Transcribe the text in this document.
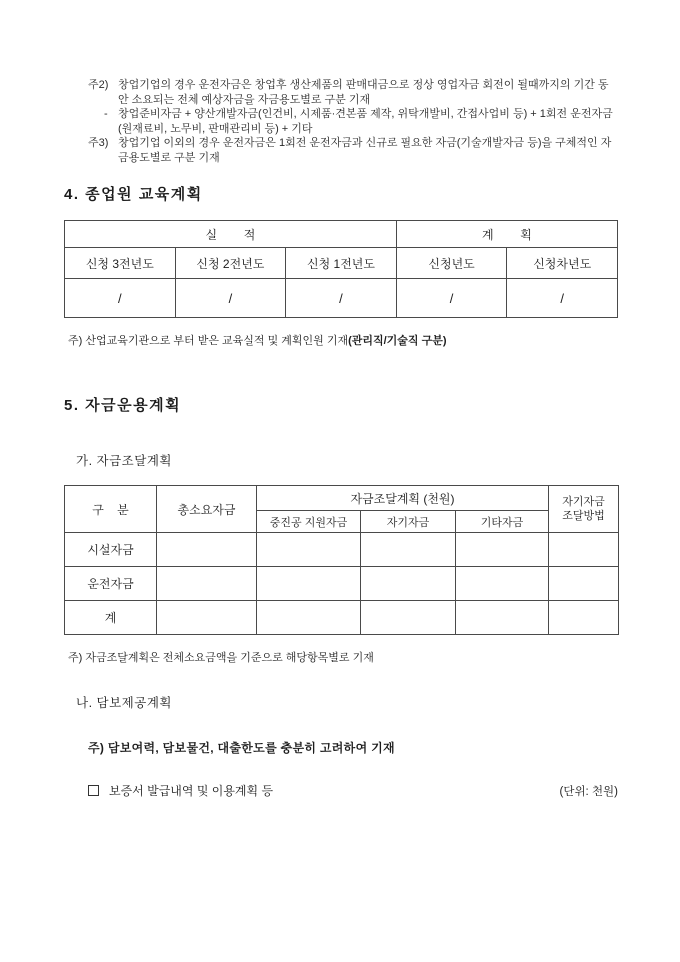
주2) 창업기업의 경우 운전자금은 창업후 생산제품의 판매대금으로 정상 영업자금 회전이 될때까지의 기간 동안 소요되는 전체 예상자금을 자금용도별로 구분 기재
- 창업준비자금 + 양산개발자금(인건비, 시제품·견본품 제작, 위탁개발비, 간접사업비 등) + 1회전 운전자금(원재료비, 노무비, 판매관리비 등) + 기타
주3) 창업기업 이외의 경우 운전자금은 1회전 운전자금과 신규로 필요한 자금(기술개발자금 등)을 구체적인 자금용도별로 구분 기재
4. 종업원 교육계획
실        적			계        획	
신청 3전년도	신청 2전년도	신청 1전년도	신청년도	신청차년도
/	/	/	/	/
주) 산업교육기관으로 부터 받은 교육실적 및 계획인원 기재(관리직/기술직 구분)
5. 자금운용계획
가. 자금조달계획
구    분	총소요자금	자금조달계획 (천원)			자기자금
조달방법

		중진공 지원자금	자기자금	기타자금	
시설자금					
운전자금					
계					
주) 자금조달계획은 전체소요금액을 기준으로 해당항목별로 기재
나. 담보제공계획
주) 담보여력, 담보물건, 대출한도를 충분히 고려하여 기재
보증서 발급내역 및 이용계획 등	(단위: 천원)
